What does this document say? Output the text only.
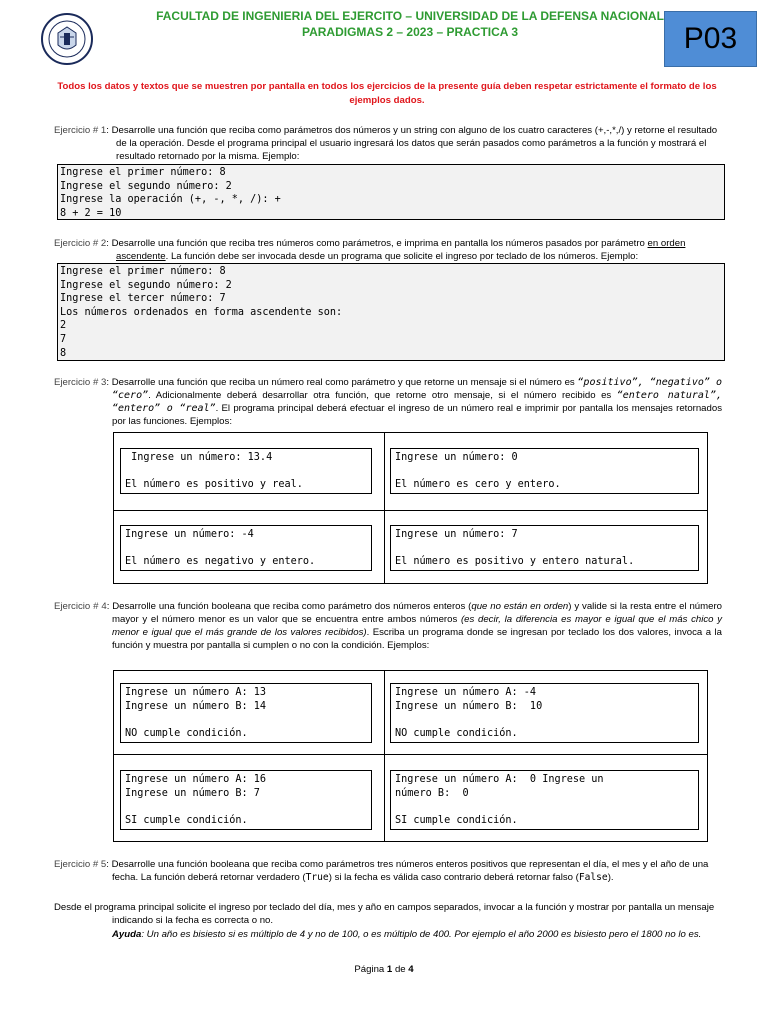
FACULTAD DE INGENIERIA DEL EJERCITO – UNIVERSIDAD DE LA DEFENSA NACIONAL
PARADIGMAS 2 – 2023 – PRACTICA 3	P03
Todos los datos y textos que se muestren por pantalla en todos los ejercicios de la presente guía deben respetar estrictamente el formato de los ejemplos dados.
Ejercicio # 1: Desarrolle una función que reciba como parámetros dos números y un string con alguno de los cuatro caracteres (+,-,*,/) y retorne el resultado de la operación. Desde el programa principal el usuario ingresará los datos que serán pasados como parámetros a la función y mostrará el resultado retornado por la misma. Ejemplo:
Ingrese el primer número: 8
Ingrese el segundo número: 2
Ingrese la operación (+, -, *, /): +
8 + 2 = 10
Ejercicio # 2: Desarrolle una función que reciba tres números como parámetros, e imprima en pantalla los números pasados por parámetro en orden ascendente. La función debe ser invocada desde un programa que solicite el ingreso por teclado de los números. Ejemplo:
Ingrese el primer número: 8
Ingrese el segundo número: 2
Ingrese el tercer número: 7
Los números ordenados en forma ascendente son:
2
7
8
Ejercicio # 3: Desarrolle una función que reciba un número real como parámetro y que retorne un mensaje si el número es “positivo”, “negativo” o “cero”. Adicionalmente deberá desarrollar otra función, que retorne otro mensaje, si el número recibido es “entero natural”, “entero” o “real”. El programa principal deberá efectuar el ingreso de un número real e imprimir por pantalla los mensajes retornados por las funciones. Ejemplos:
Ingrese un número: 13.4
El número es positivo y real.
Ingrese un número: 0
El número es cero y entero.
Ingrese un número: -4
El número es negativo y entero.
Ingrese un número: 7
El número es positivo y entero natural.
Ejercicio # 4: Desarrolle una función booleana que reciba como parámetro dos números enteros (que no están en orden) y valide si la resta entre el número mayor y el número menor es un valor que se encuentra entre ambos números (es decir, la diferencia es mayor e igual que el más chico y menor e igual que el más grande de los valores recibidos). Escriba un programa donde se ingresan por teclado los dos valores, invoca a la función y muestra por pantalla si cumplen o no con la condición. Ejemplos:
Ingrese un número A: 13
Ingrese un número B: 14
NO cumple condición.
Ingrese un número A: -4
Ingrese un número B:  10
NO cumple condición.
Ingrese un número A: 16
Ingrese un número B: 7
SI cumple condición.
Ingrese un número A:  0 Ingrese un
número B:  0
SI cumple condición.
Ejercicio # 5: Desarrolle una función booleana que reciba como parámetros tres números enteros positivos que representan el día, el mes y el año de una fecha. La función deberá retornar verdadero (True) si la fecha es válida caso contrario deberá retornar falso (False).
Desde el programa principal solicite el ingreso por teclado del día, mes y año en campos separados, invocar a la función y mostrar por pantalla un mensaje indicando si la fecha es correcta o no.
Ayuda: Un año es bisiesto si es múltiplo de 4 y no de 100, o es múltiplo de 400. Por ejemplo el año 2000 es bisiesto pero el 1800 no lo es.
Página 1 de 4
